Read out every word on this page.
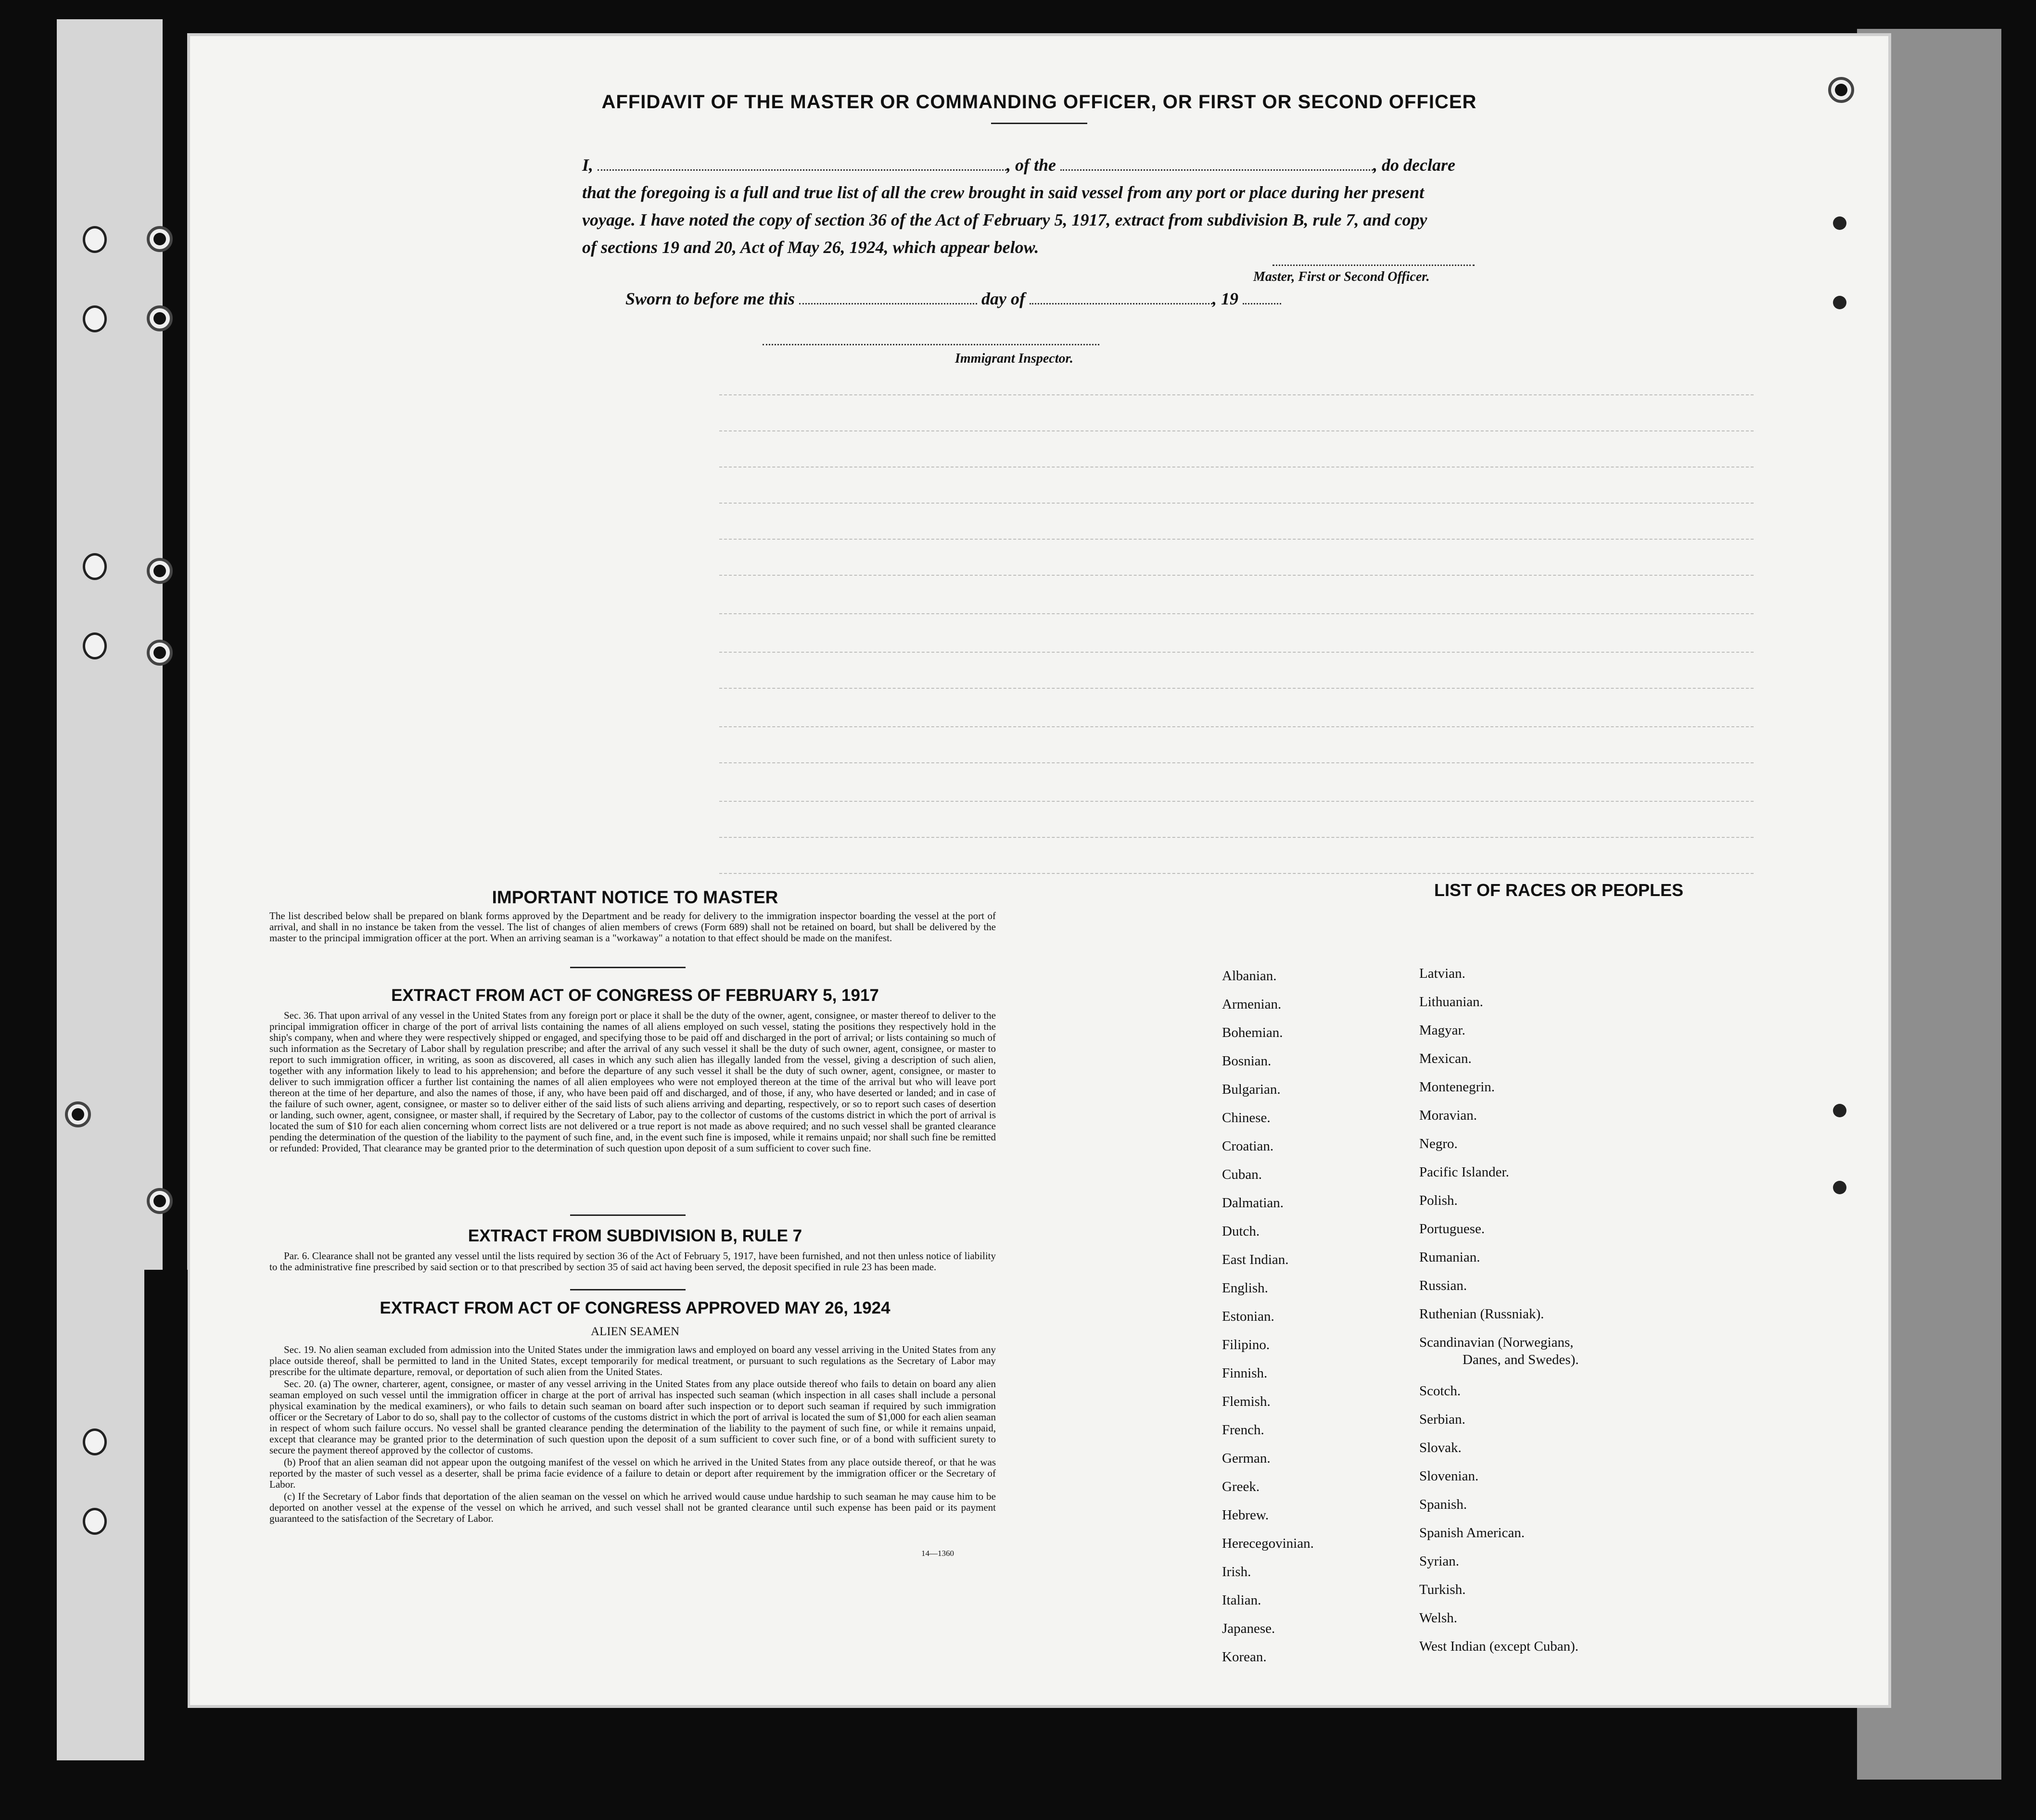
AFFIDAVIT OF THE MASTER OR COMMANDING OFFICER, OR FIRST OR SECOND OFFICER
I,	, of the	, do declare
that the foregoing is a full and true list of all the crew brought in said vessel from any port or place during her present
voyage. I have noted the copy of section 36 of the Act of February 5, 1917, extract from subdivision B, rule 7, and copy
of sections 19 and 20, Act of May 26, 1924, which appear below.
Master, First or Second Officer.
Sworn to before me this	day of	, 19
Immigrant Inspector.
IMPORTANT NOTICE TO MASTER
The list described below shall be prepared on blank forms approved by the Department and be ready for delivery to the immigration inspector boarding the vessel at the port of arrival, and shall in no instance be taken from the vessel. The list of changes of alien members of crews (Form 689) shall not be retained on board, but shall be delivered by the master to the principal immigration officer at the port. When an arriving seaman is a "workaway" a notation to that effect should be made on the manifest.
EXTRACT FROM ACT OF CONGRESS OF FEBRUARY 5, 1917

Sec. 36. That upon arrival of any vessel in the United States from any foreign port or place it shall be the duty of the owner, agent, consignee, or master thereof to deliver to the principal immigration officer in charge of the port of arrival lists containing the names of all aliens employed on such vessel, stating the positions they respectively hold in the ship's company, when and where they were respectively shipped or engaged, and specifying those to be paid off and discharged in the port of arrival; or lists containing so much of such information as the Secretary of Labor shall by regulation prescribe; and after the arrival of any such vessel it shall be the duty of such owner, agent, consignee, or master to report to such immigration officer, in writing, as soon as discovered, all cases in which any such alien has illegally landed from the vessel, giving a description of such alien, together with any information likely to lead to his apprehension; and before the departure of any such vessel it shall be the duty of such owner, agent, consignee, or master to deliver to such immigration officer a further list containing the names of all alien employees who were not employed thereon at the time of the arrival but who will leave port thereon at the time of her departure, and also the names of those, if any, who have been paid off and discharged, and of those, if any, who have deserted or landed; and in case of the failure of such owner, agent, consignee, or master so to deliver either of the said lists of such aliens arriving and departing, respectively, or so to report such cases of desertion or landing, such owner, agent, consignee, or master shall, if required by the Secretary of Labor, pay to the collector of customs of the customs district in which the port of arrival is located the sum of $10 for each alien concerning whom correct lists are not delivered or a true report is not made as above required; and no such vessel shall be granted clearance pending the determination of the question of the liability to the payment of such fine, and, in the event such fine is imposed, while it remains unpaid; nor shall such fine be remitted or refunded: Provided, That clearance may be granted prior to the determination of such question upon deposit of a sum sufficient to cover such fine.

EXTRACT FROM SUBDIVISION B, RULE 7

Par. 6. Clearance shall not be granted any vessel until the lists required by section 36 of the Act of February 5, 1917, have been furnished, and not then unless notice of liability to the administrative fine prescribed by said section or to that prescribed by section 35 of said act having been served, the deposit specified in rule 23 has been made.

EXTRACT FROM ACT OF CONGRESS APPROVED MAY 26, 1924
ALIEN SEAMEN

Sec. 19. No alien seaman excluded from admission into the United States under the immigration laws and employed on board any vessel arriving in the United States from any place outside thereof, shall be permitted to land in the United States, except temporarily for medical treatment, or pursuant to such regulations as the Secretary of Labor may prescribe for the ultimate departure, removal, or deportation of such alien from the United States.

Sec. 20. (a) The owner, charterer, agent, consignee, or master of any vessel arriving in the United States from any place outside thereof who fails to detain on board any alien seaman employed on such vessel until the immigration officer in charge at the port of arrival has inspected such seaman (which inspection in all cases shall include a personal physical examination by the medical examiners), or who fails to detain such seaman on board after such inspection or to deport such seaman if required by such immigration officer or the Secretary of Labor to do so, shall pay to the collector of customs of the customs district in which the port of arrival is located the sum of $1,000 for each alien seaman in respect of whom such failure occurs. No vessel shall be granted clearance pending the determination of the liability to the payment of such fine, or while it remains unpaid, except that clearance may be granted prior to the determination of such question upon the deposit of a sum sufficient to cover such fine, or of a bond with sufficient surety to secure the payment thereof approved by the collector of customs.

(b) Proof that an alien seaman did not appear upon the outgoing manifest of the vessel on which he arrived in the United States from any place outside thereof, or that he was reported by the master of such vessel as a deserter, shall be prima facie evidence of a failure to detain or deport after requirement by the immigration officer or the Secretary of Labor.

(c) If the Secretary of Labor finds that deportation of the alien seaman on the vessel on which he arrived would cause undue hardship to such seaman he may cause him to be deported on another vessel at the expense of the vessel on which he arrived, and such vessel shall not be granted clearance until such expense has been paid or its payment guaranteed to the satisfaction of the Secretary of Labor.

14—1360
LIST OF RACES OR PEOPLES
Albanian.
Armenian.
Bohemian.
Bosnian.
Bulgarian.
Chinese.
Croatian.
Cuban.
Dalmatian.
Dutch.
East Indian.
English.
Estonian.
Filipino.
Finnish.
Flemish.
French.
German.
Greek.
Hebrew.
Herecegovinian.
Irish.
Italian.
Japanese.
Korean.
Latvian.
Lithuanian.
Magyar.
Mexican.
Montenegrin.
Moravian.
Negro.
Pacific Islander.
Polish.
Portuguese.
Rumanian.
Russian.
Ruthenian (Russniak).
Scandinavian (Norwegians,
Danes, and Swedes).
Scotch.
Serbian.
Slovak.
Slovenian.
Spanish.
Spanish American.
Syrian.
Turkish.
Welsh.
West Indian (except Cuban).
